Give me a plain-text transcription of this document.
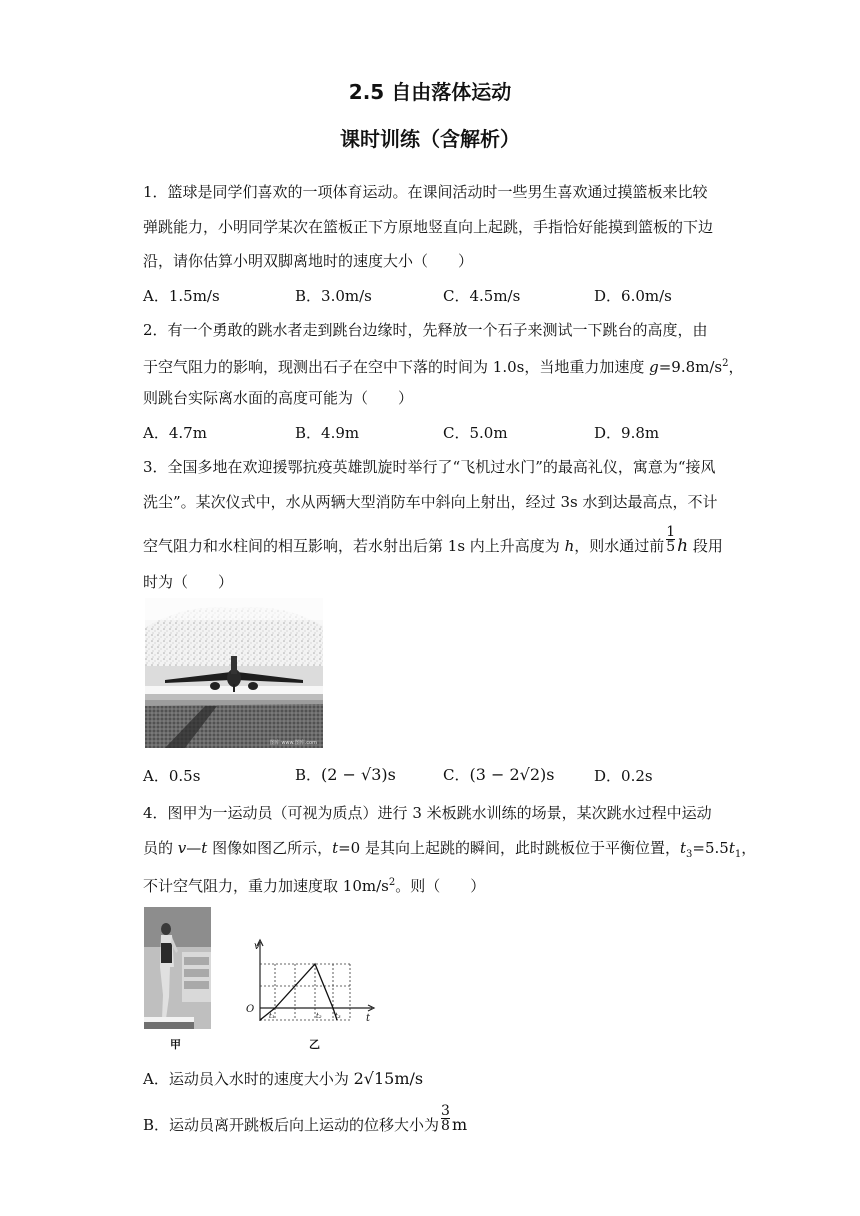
2.5 自由落体运动
课时训练（含解析）
1．篮球是同学们喜欢的一项体育运动。在课间活动时一些男生喜欢通过摸篮板来比较
弹跳能力，小明同学某次在篮板正下方原地竖直向上起跳，手指恰好能摸到篮板的下边
沿，请你估算小明双脚离地时的速度大小（　　）
A．1.5m/s	B．3.0m/s	C．4.5m/s	D．6.0m/s
2．有一个勇敢的跳水者走到跳台边缘时，先释放一个石子来测试一下跳台的高度，由
于空气阻力的影响，现测出石子在空中下落的时间为 1.0s，当地重力加速度 $g=9.8m/s^2$，
则跳台实际离水面的高度可能为（　　）
A．4.7m	B．4.9m	C．5.0m	D．9.8m
3．全国多地在欢迎援鄂抗疫英雄凯旋时举行了“飞机过水门”的最高礼仪，寓意为“接风
洗尘”。某次仪式中，水从两辆大型消防车中斜向上射出，经过 3s 水到达最高点，不计
空气阻力和水柱间的相互影响，若水射出后第 1s 内上升高度为 h，则水通过前 $\frac{1}{5}$ h 段用
时为（　　）
图库 www.图库.com
A．0.5s	B．(2 − √3)s	C．(3 − 2√2)s	D．0.2s
4．图甲为一运动员（可视为质点）进行 3 米板跳水训练的场景，某次跳水过程中运动
员的 v—t 图像如图乙所示，t=0 是其向上起跳的瞬间，此时跳板位于平衡位置，$t_3=5.5t_1$，
不计空气阻力，重力加速度取 $10m/s^2$。则（　　）
甲
v
O
t
t₁	t₂ t₃
乙
A．运动员入水时的速度大小为 2√15m/s
B．运动员离开跳板后向上运动的位移大小为 $\frac{3}{8}$ m
